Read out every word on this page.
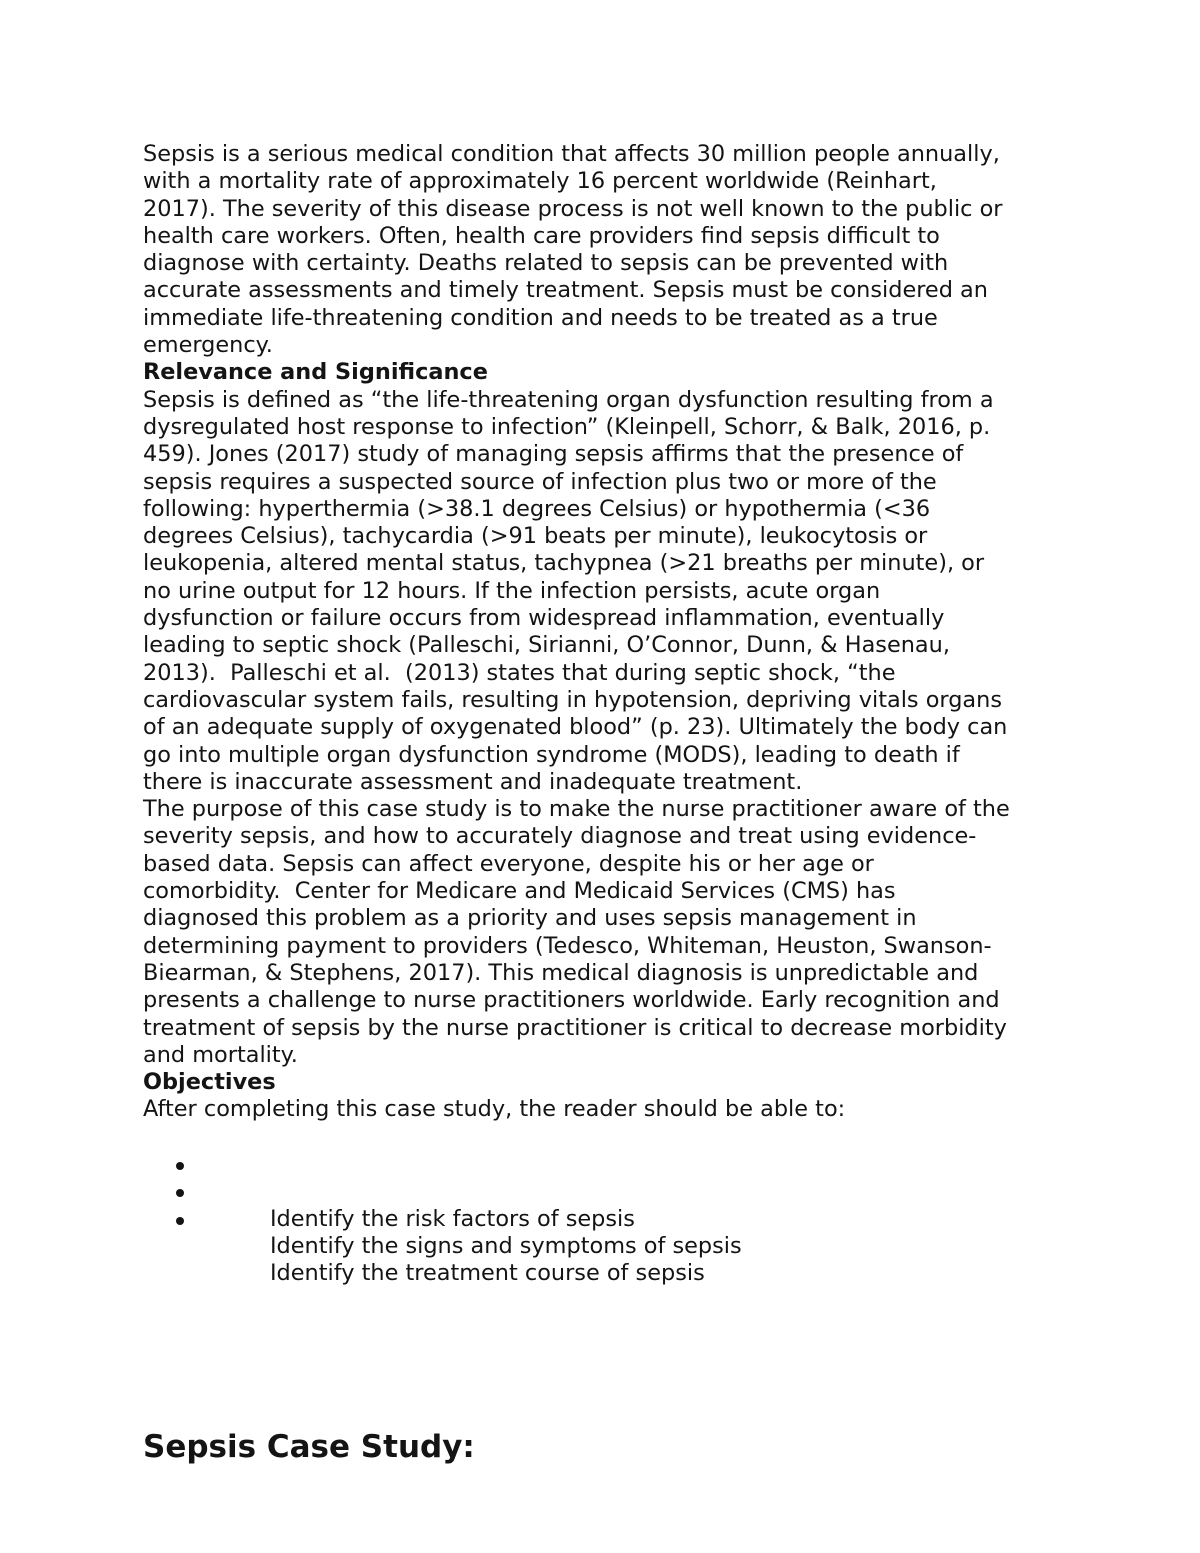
Sepsis is a serious medical condition that affects 30 million people annually,
with a mortality rate of approximately 16 percent worldwide (Reinhart,
2017). The severity of this disease process is not well known to the public or
health care workers. Often, health care providers find sepsis difficult to
diagnose with certainty. Deaths related to sepsis can be prevented with
accurate assessments and timely treatment. Sepsis must be considered an
immediate life-threatening condition and needs to be treated as a true
emergency.
Relevance and Significance
Sepsis is defined as “the life-threatening organ dysfunction resulting from a
dysregulated host response to infection” (Kleinpell, Schorr, & Balk, 2016, p.
459). Jones (2017) study of managing sepsis affirms that the presence of
sepsis requires a suspected source of infection plus two or more of the
following: hyperthermia (>38.1 degrees Celsius) or hypothermia (<36
degrees Celsius), tachycardia (>91 beats per minute), leukocytosis or
leukopenia, altered mental status, tachypnea (>21 breaths per minute), or
no urine output for 12 hours. If the infection persists, acute organ
dysfunction or failure occurs from widespread inflammation, eventually
leading to septic shock (Palleschi, Sirianni, O’Connor, Dunn, & Hasenau,
2013).  Palleschi et al.  (2013) states that during septic shock, “the
cardiovascular system fails, resulting in hypotension, depriving vitals organs
of an adequate supply of oxygenated blood” (p. 23). Ultimately the body can
go into multiple organ dysfunction syndrome (MODS), leading to death if
there is inaccurate assessment and inadequate treatment.
The purpose of this case study is to make the nurse practitioner aware of the
severity sepsis, and how to accurately diagnose and treat using evidence-
based data. Sepsis can affect everyone, despite his or her age or
comorbidity.  Center for Medicare and Medicaid Services (CMS) has
diagnosed this problem as a priority and uses sepsis management in
determining payment to providers (Tedesco, Whiteman, Heuston, Swanson-
Biearman, & Stephens, 2017). This medical diagnosis is unpredictable and
presents a challenge to nurse practitioners worldwide. Early recognition and
treatment of sepsis by the nurse practitioner is critical to decrease morbidity
and mortality.
Objectives
After completing this case study, the reader should be able to:

Identify the risk factors of sepsis

Identify the signs and symptoms of sepsis

Identify the treatment course of sepsis

Sepsis Case Study:
